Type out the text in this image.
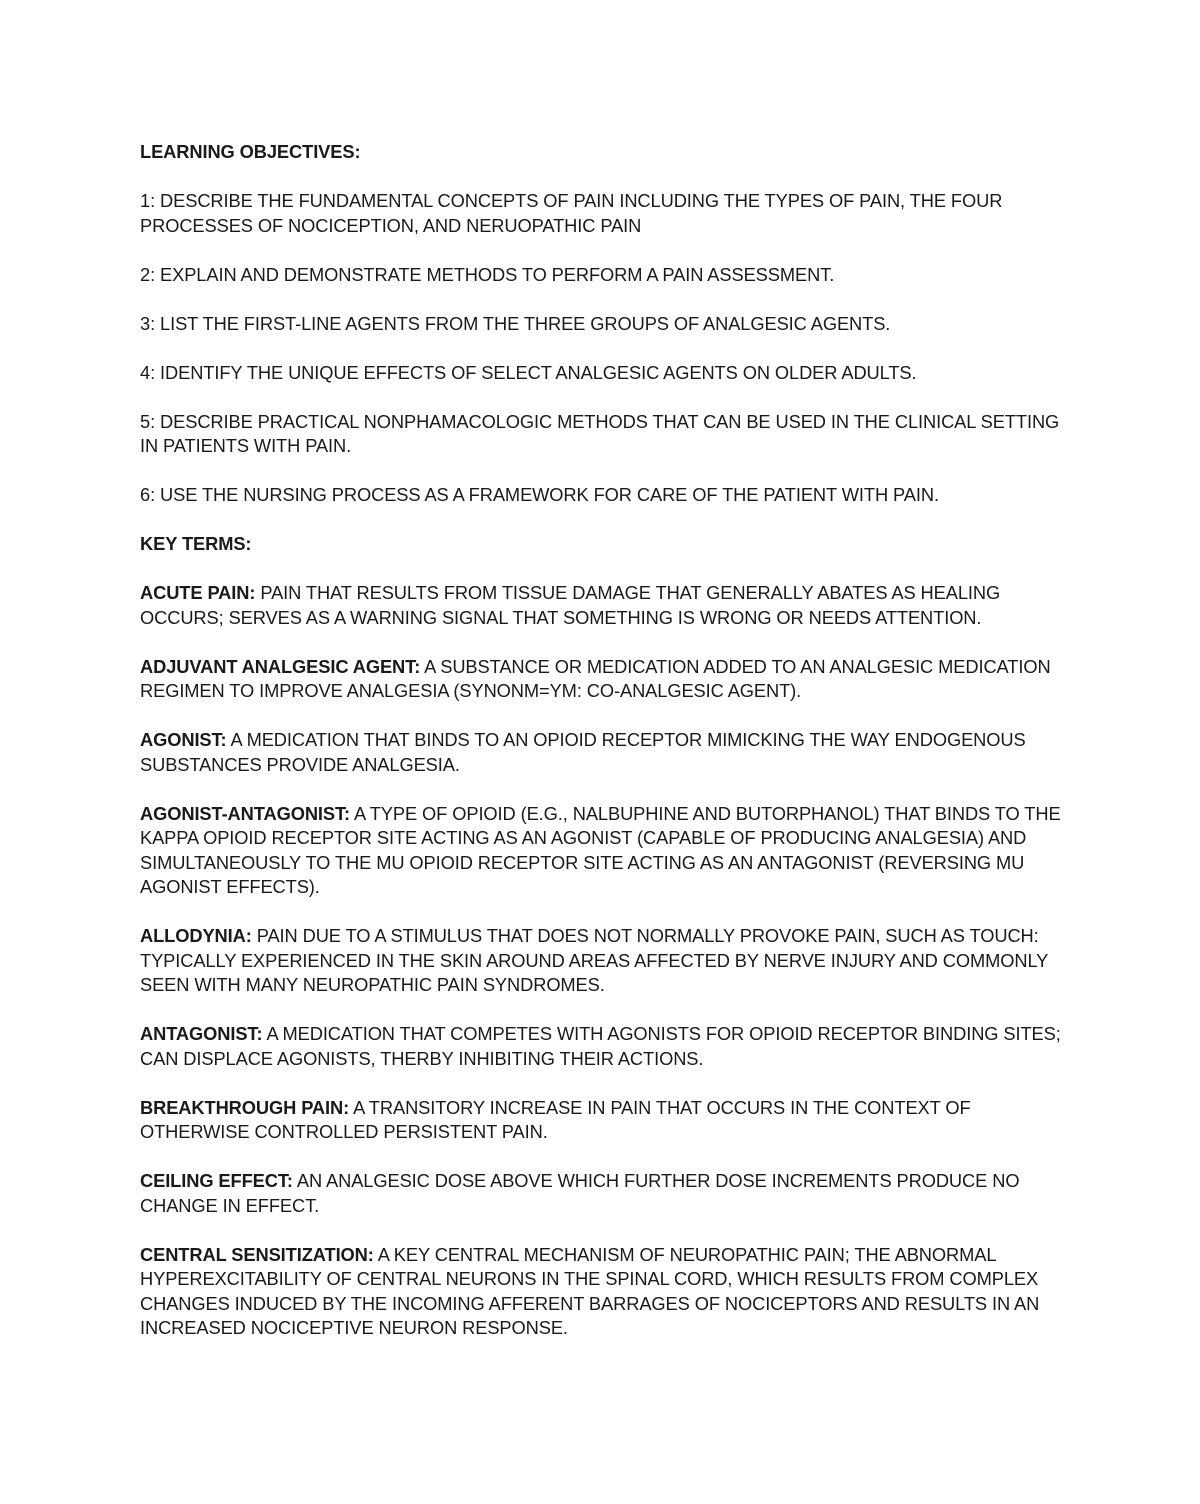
LEARNING OBJECTIVES:

1: DESCRIBE THE FUNDAMENTAL CONCEPTS OF PAIN INCLUDING THE TYPES OF PAIN, THE FOUR PROCESSES OF NOCICEPTION, AND NERUOPATHIC PAIN

2: EXPLAIN AND DEMONSTRATE METHODS TO PERFORM A PAIN ASSESSMENT.

3: LIST THE FIRST-LINE AGENTS FROM THE THREE GROUPS OF ANALGESIC AGENTS.

4: IDENTIFY THE UNIQUE EFFECTS OF SELECT ANALGESIC AGENTS ON OLDER ADULTS.

5: DESCRIBE PRACTICAL NONPHAMACOLOGIC METHODS THAT CAN BE USED IN THE CLINICAL SETTING IN PATIENTS WITH PAIN.

6: USE THE NURSING PROCESS AS A FRAMEWORK FOR CARE OF THE PATIENT WITH PAIN.

KEY TERMS:

ACUTE PAIN: PAIN THAT RESULTS FROM TISSUE DAMAGE THAT GENERALLY ABATES AS HEALING OCCURS; SERVES AS A WARNING SIGNAL THAT SOMETHING IS WRONG OR NEEDS ATTENTION.

ADJUVANT ANALGESIC AGENT: A SUBSTANCE OR MEDICATION ADDED TO AN ANALGESIC MEDICATION REGIMEN TO IMPROVE ANALGESIA (SYNONM=YM: CO-ANALGESIC AGENT).

AGONIST: A MEDICATION THAT BINDS TO AN OPIOID RECEPTOR MIMICKING THE WAY ENDOGENOUS SUBSTANCES PROVIDE ANALGESIA.

AGONIST-ANTAGONIST: A TYPE OF OPIOID (E.G., NALBUPHINE AND BUTORPHANOL) THAT BINDS TO THE KAPPA OPIOID RECEPTOR SITE ACTING AS AN AGONIST (CAPABLE OF PRODUCING ANALGESIA) AND SIMULTANEOUSLY TO THE MU OPIOID RECEPTOR SITE ACTING AS AN ANTAGONIST (REVERSING MU AGONIST EFFECTS).

ALLODYNIA: PAIN DUE TO A STIMULUS THAT DOES NOT NORMALLY PROVOKE PAIN, SUCH AS TOUCH: TYPICALLY EXPERIENCED IN THE SKIN AROUND AREAS AFFECTED BY NERVE INJURY AND COMMONLY SEEN WITH MANY NEUROPATHIC PAIN SYNDROMES.

ANTAGONIST: A MEDICATION THAT COMPETES WITH AGONISTS FOR OPIOID RECEPTOR BINDING SITES; CAN DISPLACE AGONISTS, THERBY INHIBITING THEIR ACTIONS.

BREAKTHROUGH PAIN: A TRANSITORY INCREASE IN PAIN THAT OCCURS IN THE CONTEXT OF OTHERWISE CONTROLLED PERSISTENT PAIN.

CEILING EFFECT: AN ANALGESIC DOSE ABOVE WHICH FURTHER DOSE INCREMENTS PRODUCE NO CHANGE IN EFFECT.

CENTRAL SENSITIZATION: A KEY CENTRAL MECHANISM OF NEUROPATHIC PAIN; THE ABNORMAL HYPEREXCITABILITY OF CENTRAL NEURONS IN THE SPINAL CORD, WHICH RESULTS FROM COMPLEX CHANGES INDUCED BY THE INCOMING AFFERENT BARRAGES OF NOCICEPTORS AND RESULTS IN AN INCREASED NOCICEPTIVE NEURON RESPONSE.
